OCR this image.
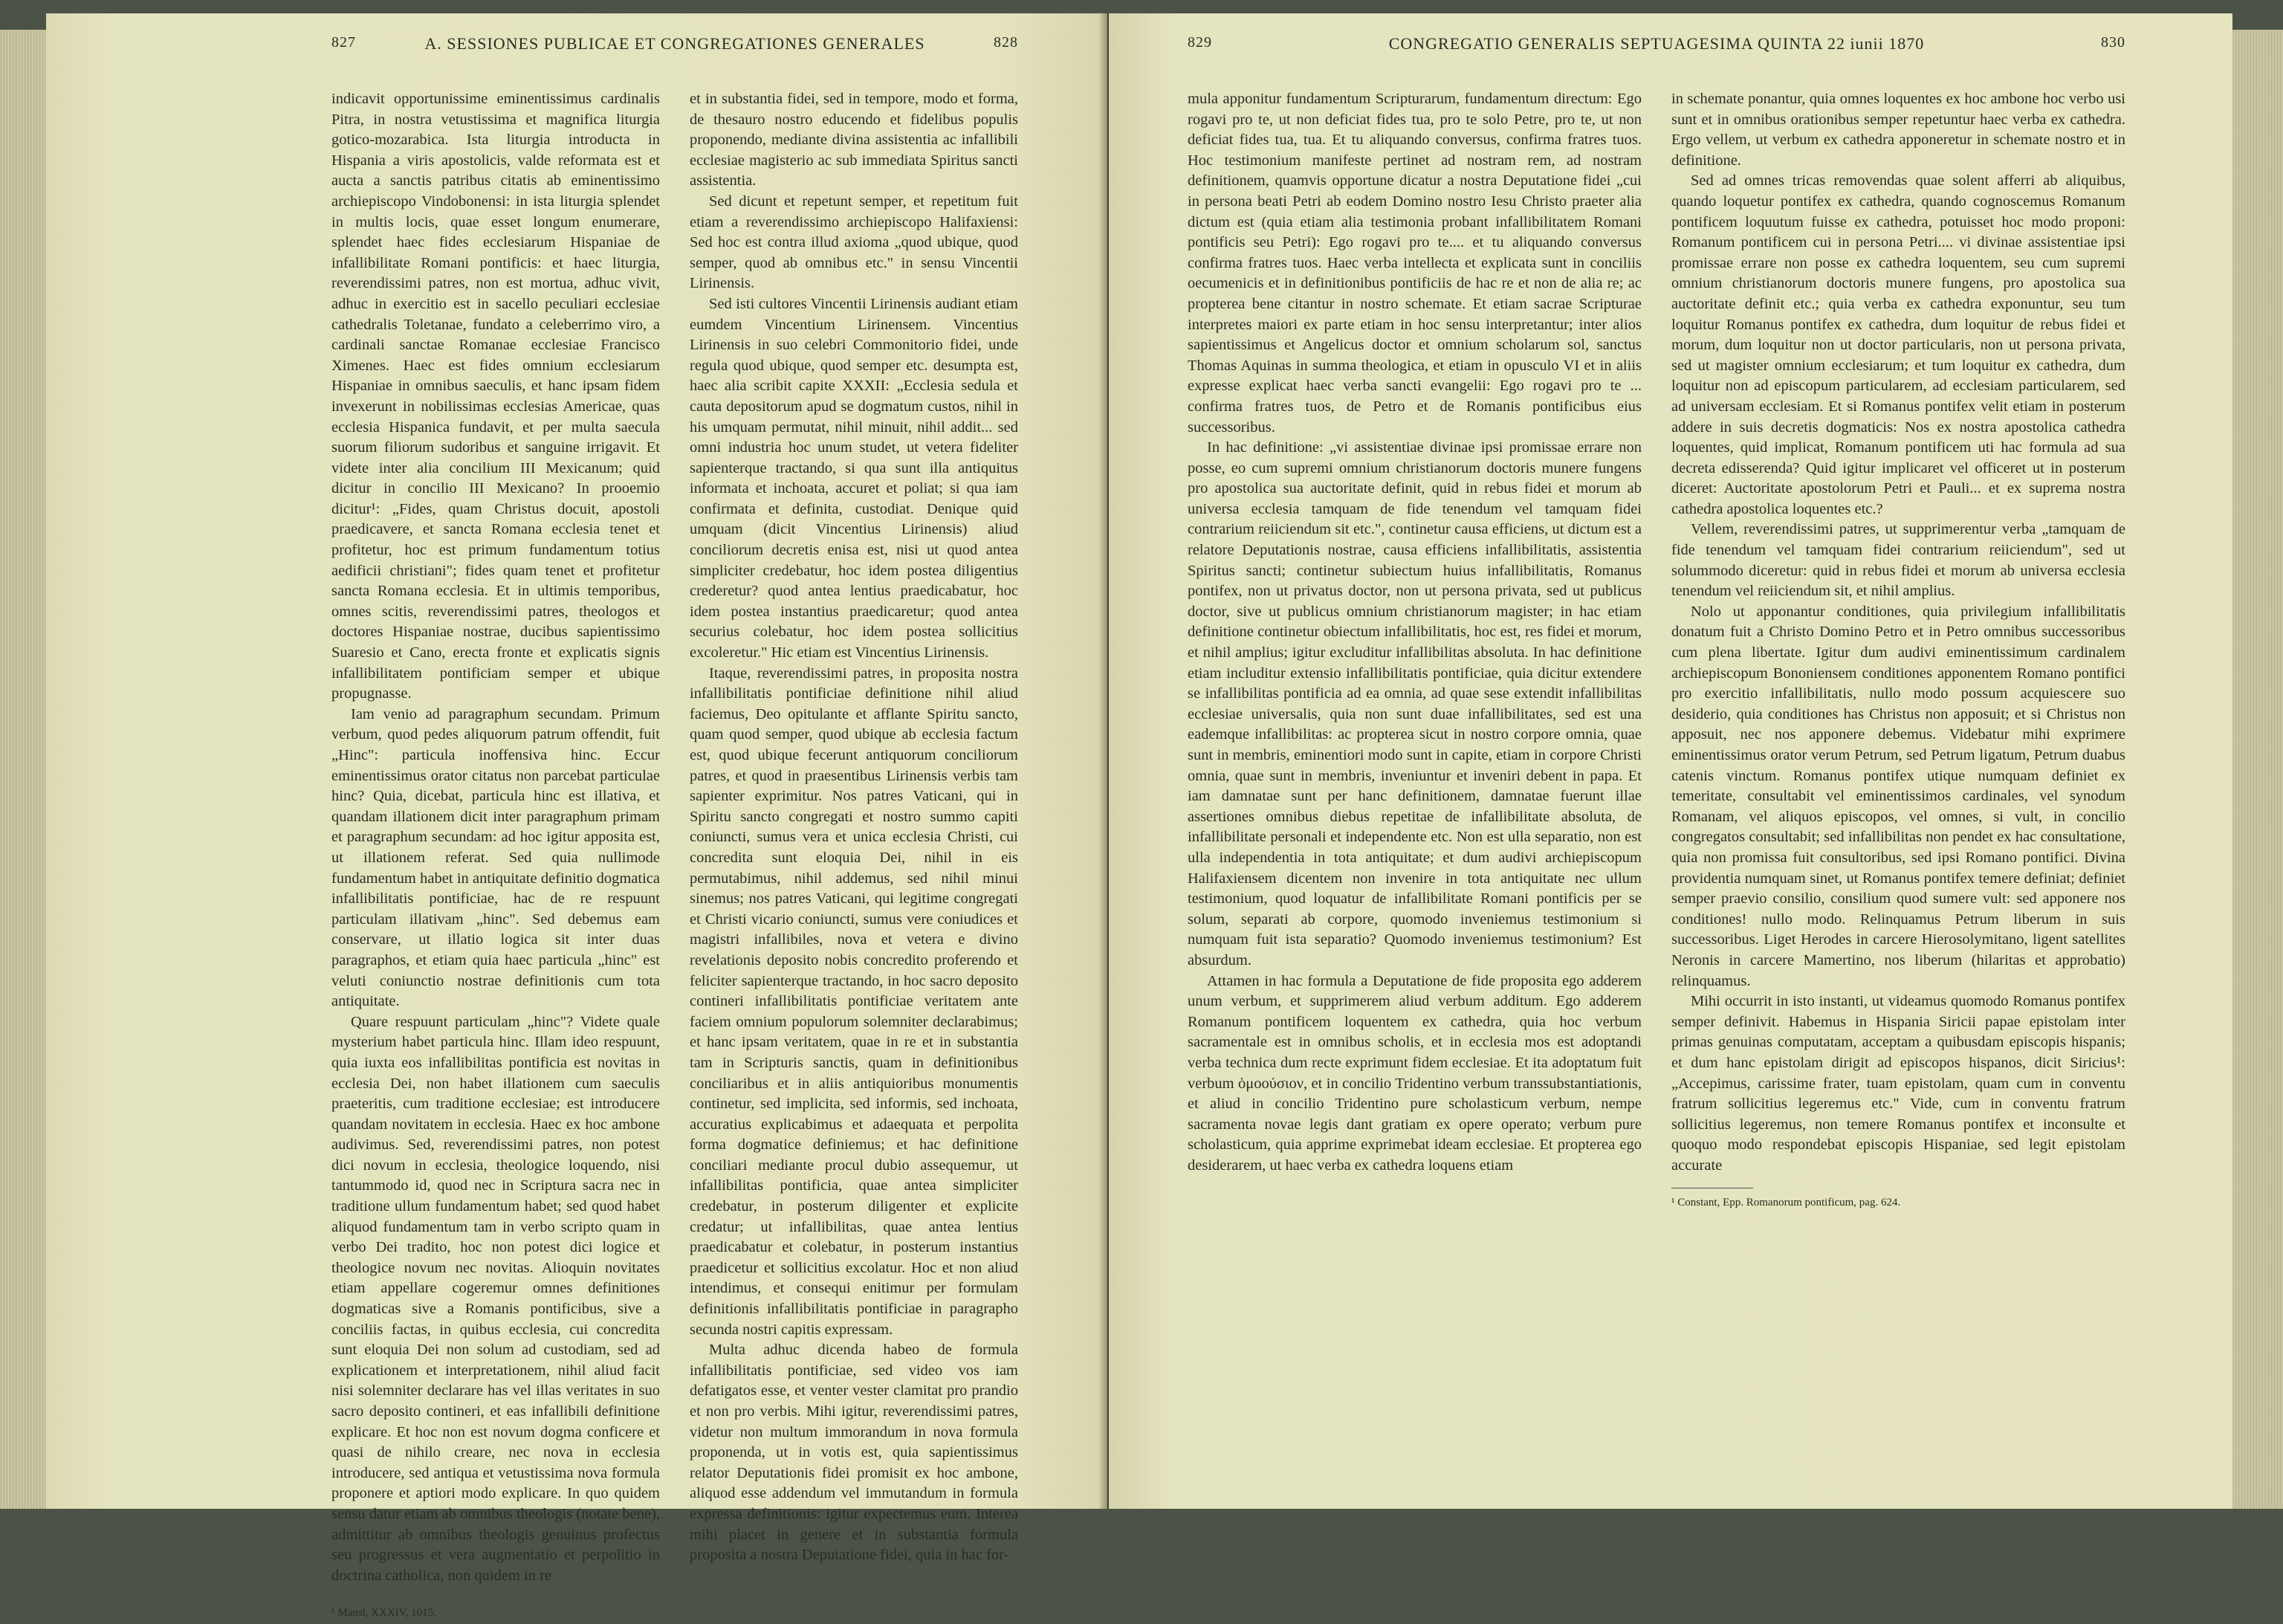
827	A. SESSIONES PUBLICAE ET CONGREGATIONES GENERALES	828

indicavit opportunissime eminentissimus cardinalis Pitra, in nostra vetustissima et magnifica liturgia gotico-mozarabica. Ista liturgia introducta in Hispania a viris apostolicis, valde reformata est et aucta a sanctis patribus citatis ab eminentissimo archiepiscopo Vindobonensi: in ista liturgia splendet in multis locis, quae esset longum enumerare, splendet haec fides ecclesiarum Hispaniae de infallibilitate Romani pontificis: et haec liturgia, reverendissimi patres, non est mortua, adhuc vivit, adhuc in exercitio est in sacello peculiari ecclesiae cathedralis Toletanae, fundato a celeberrimo viro, a cardinali sanctae Romanae ecclesiae Francisco Ximenes. Haec est fides omnium ecclesiarum Hispaniae in omnibus saeculis, et hanc ipsam fidem invexerunt in nobilissimas ecclesias Americae, quas ecclesia Hispanica fundavit, et per multa saecula suorum filiorum sudoribus et sanguine irrigavit. Et videte inter alia concilium III Mexicanum; quid dicitur in concilio III Mexicano? In prooemio dicitur¹: „Fides, quam Christus docuit, apostoli praedicavere, et sancta Romana ecclesia tenet et profitetur, hoc est primum fundamentum totius aedificii christiani"; fides quam tenet et profitetur sancta Romana ecclesia. Et in ultimis temporibus, omnes scitis, reverendissimi patres, theologos et doctores Hispaniae nostrae, ducibus sapientissimo Suaresio et Cano, erecta fronte et explicatis signis infallibilitatem pontificiam semper et ubique propugnasse.

Iam venio ad paragraphum secundam. Primum verbum, quod pedes aliquorum patrum offendit, fuit „Hinc": particula inoffensiva hinc. Eccur eminentissimus orator citatus non parcebat particulae hinc? Quia, dicebat, particula hinc est illativa, et quandam illationem dicit inter paragraphum primam et paragraphum secundam: ad hoc igitur apposita est, ut illationem referat. Sed quia nullimode fundamentum habet in antiquitate definitio dogmatica infallibilitatis pontificiae, hac de re respuunt particulam illativam „hinc". Sed debemus eam conservare, ut illatio logica sit inter duas paragraphos, et etiam quia haec particula „hinc" est veluti coniunctio nostrae definitionis cum tota antiquitate.

Quare respuunt particulam „hinc"? Videte quale mysterium habet particula hinc. Illam ideo respuunt, quia iuxta eos infallibilitas pontificia est novitas in ecclesia Dei, non habet illationem cum saeculis praeteritis, cum traditione ecclesiae; est introducere quandam novitatem in ecclesia. Haec ex hoc ambone audivimus. Sed, reverendissimi patres, non potest dici novum in ecclesia, theologice loquendo, nisi tantummodo id, quod nec in Scriptura sacra nec in traditione ullum fundamentum habet; sed quod habet aliquod fundamentum tam in verbo scripto quam in verbo Dei tradito, hoc non potest dici logice et theologice novum nec novitas. Alioquin novitates etiam appellare cogeremur omnes definitiones dogmaticas sive a Romanis pontificibus, sive a conciliis factas, in quibus ecclesia, cui concredita sunt eloquia Dei non solum ad custodiam, sed ad explicationem et interpretationem, nihil aliud facit nisi solemniter declarare has vel illas veritates in suo sacro deposito contineri, et eas infallibili definitione explicare. Et hoc non est novum dogma conficere et quasi de nihilo creare, nec nova in ecclesia introducere, sed antiqua et vetustissima nova formula proponere et aptiori modo explicare. In quo quidem sensu datur etiam ab omnibus theologis (notate bene), admittitur ab omnibus theologis genuinus profectus seu progressus et vera augmentatio et perpolitio in doctrina catholica, non quidem in re

¹ Mansi, XXXIV, 1015.

et in substantia fidei, sed in tempore, modo et forma, de thesauro nostro educendo et fidelibus populis proponendo, mediante divina assistentia ac infallibili ecclesiae magisterio ac sub immediata Spiritus sancti assistentia.

Sed dicunt et repetunt semper, et repetitum fuit etiam a reverendissimo archiepiscopo Halifaxiensi: Sed hoc est contra illud axioma „quod ubique, quod semper, quod ab omnibus etc." in sensu Vincentii Lirinensis.

Sed isti cultores Vincentii Lirinensis audiant etiam eumdem Vincentium Lirinensem. Vincentius Lirinensis in suo celebri Commonitorio fidei, unde regula quod ubique, quod semper etc. desumpta est, haec alia scribit capite XXXII: „Ecclesia sedula et cauta depositorum apud se dogmatum custos, nihil in his umquam permutat, nihil minuit, nihil addit... sed omni industria hoc unum studet, ut vetera fideliter sapienterque tractando, si qua sunt illa antiquitus informata et inchoata, accuret et poliat; si qua iam confirmata et definita, custodiat. Denique quid umquam (dicit Vincentius Lirinensis) aliud conciliorum decretis enisa est, nisi ut quod antea simpliciter credebatur, hoc idem postea diligentius crederetur? quod antea lentius praedicabatur, hoc idem postea instantius praedicaretur; quod antea securius colebatur, hoc idem postea sollicitius excoleretur." Hic etiam est Vincentius Lirinensis.

Itaque, reverendissimi patres, in proposita nostra infallibilitatis pontificiae definitione nihil aliud faciemus, Deo opitulante et afflante Spiritu sancto, quam quod semper, quod ubique ab ecclesia factum est, quod ubique fecerunt antiquorum conciliorum patres, et quod in praesentibus Lirinensis verbis tam sapienter exprimitur. Nos patres Vaticani, qui in Spiritu sancto congregati et nostro summo capiti coniuncti, sumus vera et unica ecclesia Christi, cui concredita sunt eloquia Dei, nihil in eis permutabimus, nihil addemus, sed nihil minui sinemus; nos patres Vaticani, qui legitime congregati et Christi vicario coniuncti, sumus vere coniudices et magistri infallibiles, nova et vetera e divino revelationis deposito nobis concredito proferendo et feliciter sapienterque tractando, in hoc sacro deposito contineri infallibilitatis pontificiae veritatem ante faciem omnium populorum solemniter declarabimus; et hanc ipsam veritatem, quae in re et in substantia tam in Scripturis sanctis, quam in definitionibus conciliaribus et in aliis antiquioribus monumentis continetur, sed implicita, sed informis, sed inchoata, accuratius explicabimus et adaequata et perpolita forma dogmatice definiemus; et hac definitione conciliari mediante procul dubio assequemur, ut infallibilitas pontificia, quae antea simpliciter credebatur, in posterum diligenter et explicite credatur; ut infallibilitas, quae antea lentius praedicabatur et colebatur, in posterum instantius praedicetur et sollicitius excolatur. Hoc et non aliud intendimus, et consequi enitimur per formulam definitionis infallibilitatis pontificiae in paragrapho secunda nostri capitis expressam.

Multa adhuc dicenda habeo de formula infallibilitatis pontificiae, sed video vos iam defatigatos esse, et venter vester clamitat pro prandio et non pro verbis. Mihi igitur, reverendissimi patres, videtur non multum immorandum in nova formula proponenda, ut in votis est, quia sapientissimus relator Deputationis fidei promisit ex hoc ambone, aliquod esse addendum vel immutandum in formula expressa definitionis: igitur expectemus eum. Interea mihi placet in genere et in substantia formula proposita a nostra Deputatione fidei, quia in hac for-

829	CONGREGATIO GENERALIS SEPTUAGESIMA QUINTA 22 iunii 1870	830

mula apponitur fundamentum Scripturarum, fundamentum directum: Ego rogavi pro te, ut non deficiat fides tua, pro te solo Petre, pro te, ut non deficiat fides tua, tua. Et tu aliquando conversus, confirma fratres tuos. Hoc testimonium manifeste pertinet ad nostram rem, ad nostram definitionem, quamvis opportune dicatur a nostra Deputatione fidei „cui in persona beati Petri ab eodem Domino nostro Iesu Christo praeter alia dictum est (quia etiam alia testimonia probant infallibilitatem Romani pontificis seu Petri): Ego rogavi pro te.... et tu aliquando conversus confirma fratres tuos. Haec verba intellecta et explicata sunt in conciliis oecumenicis et in definitionibus pontificiis de hac re et non de alia re; ac propterea bene citantur in nostro schemate. Et etiam sacrae Scripturae interpretes maiori ex parte etiam in hoc sensu interpretantur; inter alios sapientissimus et Angelicus doctor et omnium scholarum sol, sanctus Thomas Aquinas in summa theologica, et etiam in opusculo VI et in aliis expresse explicat haec verba sancti evangelii: Ego rogavi pro te ... confirma fratres tuos, de Petro et de Romanis pontificibus eius successoribus.

In hac definitione: „vi assistentiae divinae ipsi promissae errare non posse, eo cum supremi omnium christianorum doctoris munere fungens pro apostolica sua auctoritate definit, quid in rebus fidei et morum ab universa ecclesia tamquam de fide tenendum vel tamquam fidei contrarium reiiciendum sit etc.", continetur causa efficiens, ut dictum est a relatore Deputationis nostrae, causa efficiens infallibilitatis, assistentia Spiritus sancti; continetur subiectum huius infallibilitatis, Romanus pontifex, non ut privatus doctor, non ut persona privata, sed ut publicus doctor, sive ut publicus omnium christianorum magister; in hac etiam definitione continetur obiectum infallibilitatis, hoc est, res fidei et morum, et nihil amplius; igitur excluditur infallibilitas absoluta. In hac definitione etiam includitur extensio infallibilitatis pontificiae, quia dicitur extendere se infallibilitas pontificia ad ea omnia, ad quae sese extendit infallibilitas ecclesiae universalis, quia non sunt duae infallibilitates, sed est una eademque infallibilitas: ac propterea sicut in nostro corpore omnia, quae sunt in membris, eminentiori modo sunt in capite, etiam in corpore Christi omnia, quae sunt in membris, inveniuntur et inveniri debent in papa. Et iam damnatae sunt per hanc definitionem, damnatae fuerunt illae assertiones omnibus diebus repetitae de infallibilitate absoluta, de infallibilitate personali et independente etc. Non est ulla separatio, non est ulla independentia in tota antiquitate; et dum audivi archiepiscopum Halifaxiensem dicentem non invenire in tota antiquitate nec ullum testimonium, quod loquatur de infallibilitate Romani pontificis per se solum, separati ab corpore, quomodo inveniemus testimonium si numquam fuit ista separatio? Quomodo inveniemus testimonium? Est absurdum.

Attamen in hac formula a Deputatione de fide proposita ego adderem unum verbum, et supprimerem aliud verbum additum. Ego adderem Romanum pontificem loquentem ex cathedra, quia hoc verbum sacramentale est in omnibus scholis, et in ecclesia mos est adoptandi verba technica dum recte exprimunt fidem ecclesiae. Et ita adoptatum fuit verbum ὁμοούσιον, et in concilio Tridentino verbum transsubstantiationis, et aliud in concilio Tridentino pure scholasticum verbum, nempe sacramenta novae legis dant gratiam ex opere operato; verbum pure scholasticum, quia apprime exprimebat ideam ecclesiae. Et propterea ego desiderarem, ut haec verba ex cathedra loquens etiam

in schemate ponantur, quia omnes loquentes ex hoc ambone hoc verbo usi sunt et in omnibus orationibus semper repetuntur haec verba ex cathedra. Ergo vellem, ut verbum ex cathedra apponeretur in schemate nostro et in definitione.

Sed ad omnes tricas removendas quae solent afferri ab aliquibus, quando loquetur pontifex ex cathedra, quando cognoscemus Romanum pontificem loquutum fuisse ex cathedra, potuisset hoc modo proponi: Romanum pontificem cui in persona Petri.... vi divinae assistentiae ipsi promissae errare non posse ex cathedra loquentem, seu cum supremi omnium christianorum doctoris munere fungens, pro apostolica sua auctoritate definit etc.; quia verba ex cathedra exponuntur, seu tum loquitur Romanus pontifex ex cathedra, dum loquitur de rebus fidei et morum, dum loquitur non ut doctor particularis, non ut persona privata, sed ut magister omnium ecclesiarum; et tum loquitur ex cathedra, dum loquitur non ad episcopum particularem, ad ecclesiam particularem, sed ad universam ecclesiam. Et si Romanus pontifex velit etiam in posterum addere in suis decretis dogmaticis: Nos ex nostra apostolica cathedra loquentes, quid implicat, Romanum pontificem uti hac formula ad sua decreta edisserenda? Quid igitur implicaret vel officeret ut in posterum diceret: Auctoritate apostolorum Petri et Pauli... et ex suprema nostra cathedra apostolica loquentes etc.?

Vellem, reverendissimi patres, ut supprimerentur verba „tamquam de fide tenendum vel tamquam fidei contrarium reiiciendum", sed ut solummodo diceretur: quid in rebus fidei et morum ab universa ecclesia tenendum vel reiiciendum sit, et nihil amplius.

Nolo ut apponantur conditiones, quia privilegium infallibilitatis donatum fuit a Christo Domino Petro et in Petro omnibus successoribus cum plena libertate. Igitur dum audivi eminentissimum cardinalem archiepiscopum Bononiensem conditiones apponentem Romano pontifici pro exercitio infallibilitatis, nullo modo possum acquiescere suo desiderio, quia conditiones has Christus non apposuit; et si Christus non apposuit, nec nos apponere debemus. Videbatur mihi exprimere eminentissimus orator verum Petrum, sed Petrum ligatum, Petrum duabus catenis vinctum. Romanus pontifex utique numquam definiet ex temeritate, consultabit vel eminentissimos cardinales, vel synodum Romanam, vel aliquos episcopos, vel omnes, si vult, in concilio congregatos consultabit; sed infallibilitas non pendet ex hac consultatione, quia non promissa fuit consultoribus, sed ipsi Romano pontifici. Divina providentia numquam sinet, ut Romanus pontifex temere definiat; definiet semper praevio consilio, consilium quod sumere vult: sed apponere nos conditiones! nullo modo. Relinquamus Petrum liberum in suis successoribus. Liget Herodes in carcere Hierosolymitano, ligent satellites Neronis in carcere Mamertino, nos liberum (hilaritas et approbatio) relinquamus.

Mihi occurrit in isto instanti, ut videamus quomodo Romanus pontifex semper definivit. Habemus in Hispania Siricii papae epistolam inter primas genuinas computatam, acceptam a quibusdam episcopis hispanis; et dum hanc epistolam dirigit ad episcopos hispanos, dicit Siricius¹: „Accepimus, carissime frater, tuam epistolam, quam cum in conventu fratrum sollicitius legeremus etc." Vide, cum in conventu fratrum sollicitius legeremus, non temere Romanus pontifex et inconsulte et quoquo modo respondebat episcopis Hispaniae, sed legit epistolam accurate

¹ Constant, Epp. Romanorum pontificum, pag. 624.
